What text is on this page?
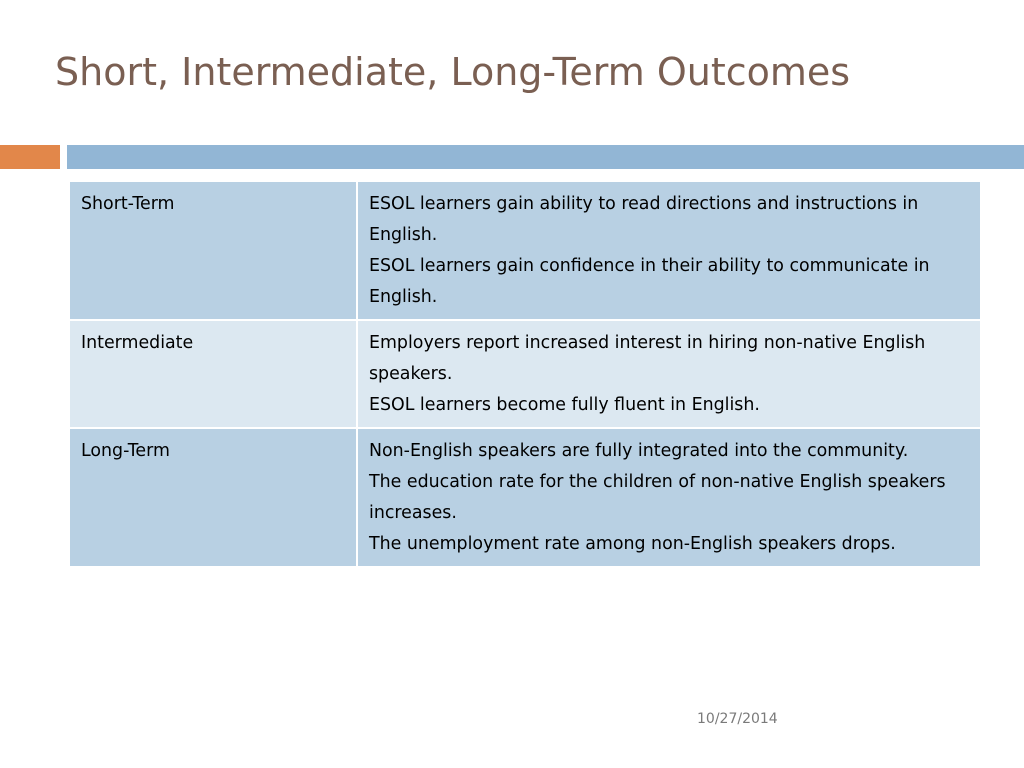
Short, Intermediate, Long-Term Outcomes
Short-Term	ESOL learners gain ability to read directions and instructions in English.
ESOL learners gain confidence in their ability to communicate in English.

Intermediate	Employers report increased interest in hiring non-native English speakers.
ESOL learners become fully fluent in English.

Long-Term	Non-English speakers are fully integrated into the community.
The education rate for the children of non-native English speakers increases.
The unemployment rate among non-English speakers drops.
10/27/2014
